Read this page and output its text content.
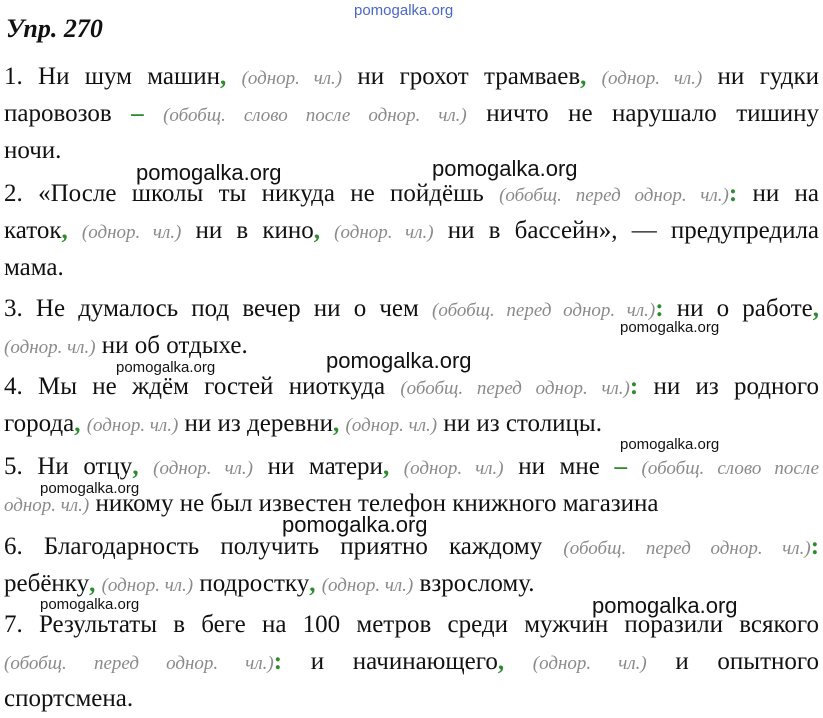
pomogalka.org
Упр. 270
1. Ни шум машин, (однор. чл.) ни грохот трамваев, (однор. чл.) ни гудки
паровозов – (обобщ. слово после однор. чл.) ничто не нарушало тишину
ночи.
2. «После школы ты никуда не пойдёшь (обобщ. перед однор. чл.): ни на
каток, (однор. чл.) ни в кино, (однор. чл.) ни в бассейн», — предупредила
мама.
3. Не думалось под вечер ни о чем (обобщ. перед однор. чл.): ни о работе,
(однор. чл.) ни об отдыхе.
4. Мы не ждём гостей ниоткуда (обобщ. перед однор. чл.): ни из родного
города, (однор. чл.) ни из деревни, (однор. чл.) ни из столицы.
5. Ни отцу, (однор. чл.) ни матери, (однор. чл.) ни мне – (обобщ. слово после
однор. чл.) никому не был известен телефон книжного магазина
6. Благодарность получить приятно каждому (обобщ. перед однор. чл.):
ребёнку, (однор. чл.) подростку, (однор. чл.) взрослому.
7. Результаты в беге на 100 метров среди мужчин поразили всякого
(обобщ. перед однор. чл.): и начинающего, (однор. чл.) и опытного
спортсмена.
pomogalka.org	pomogalka.org
pomogalka.org
pomogalka.org	pomogalka.org
pomogalka.org
pomogalka.org
pomogalka.org
pomogalka.org	pomogalka.org
